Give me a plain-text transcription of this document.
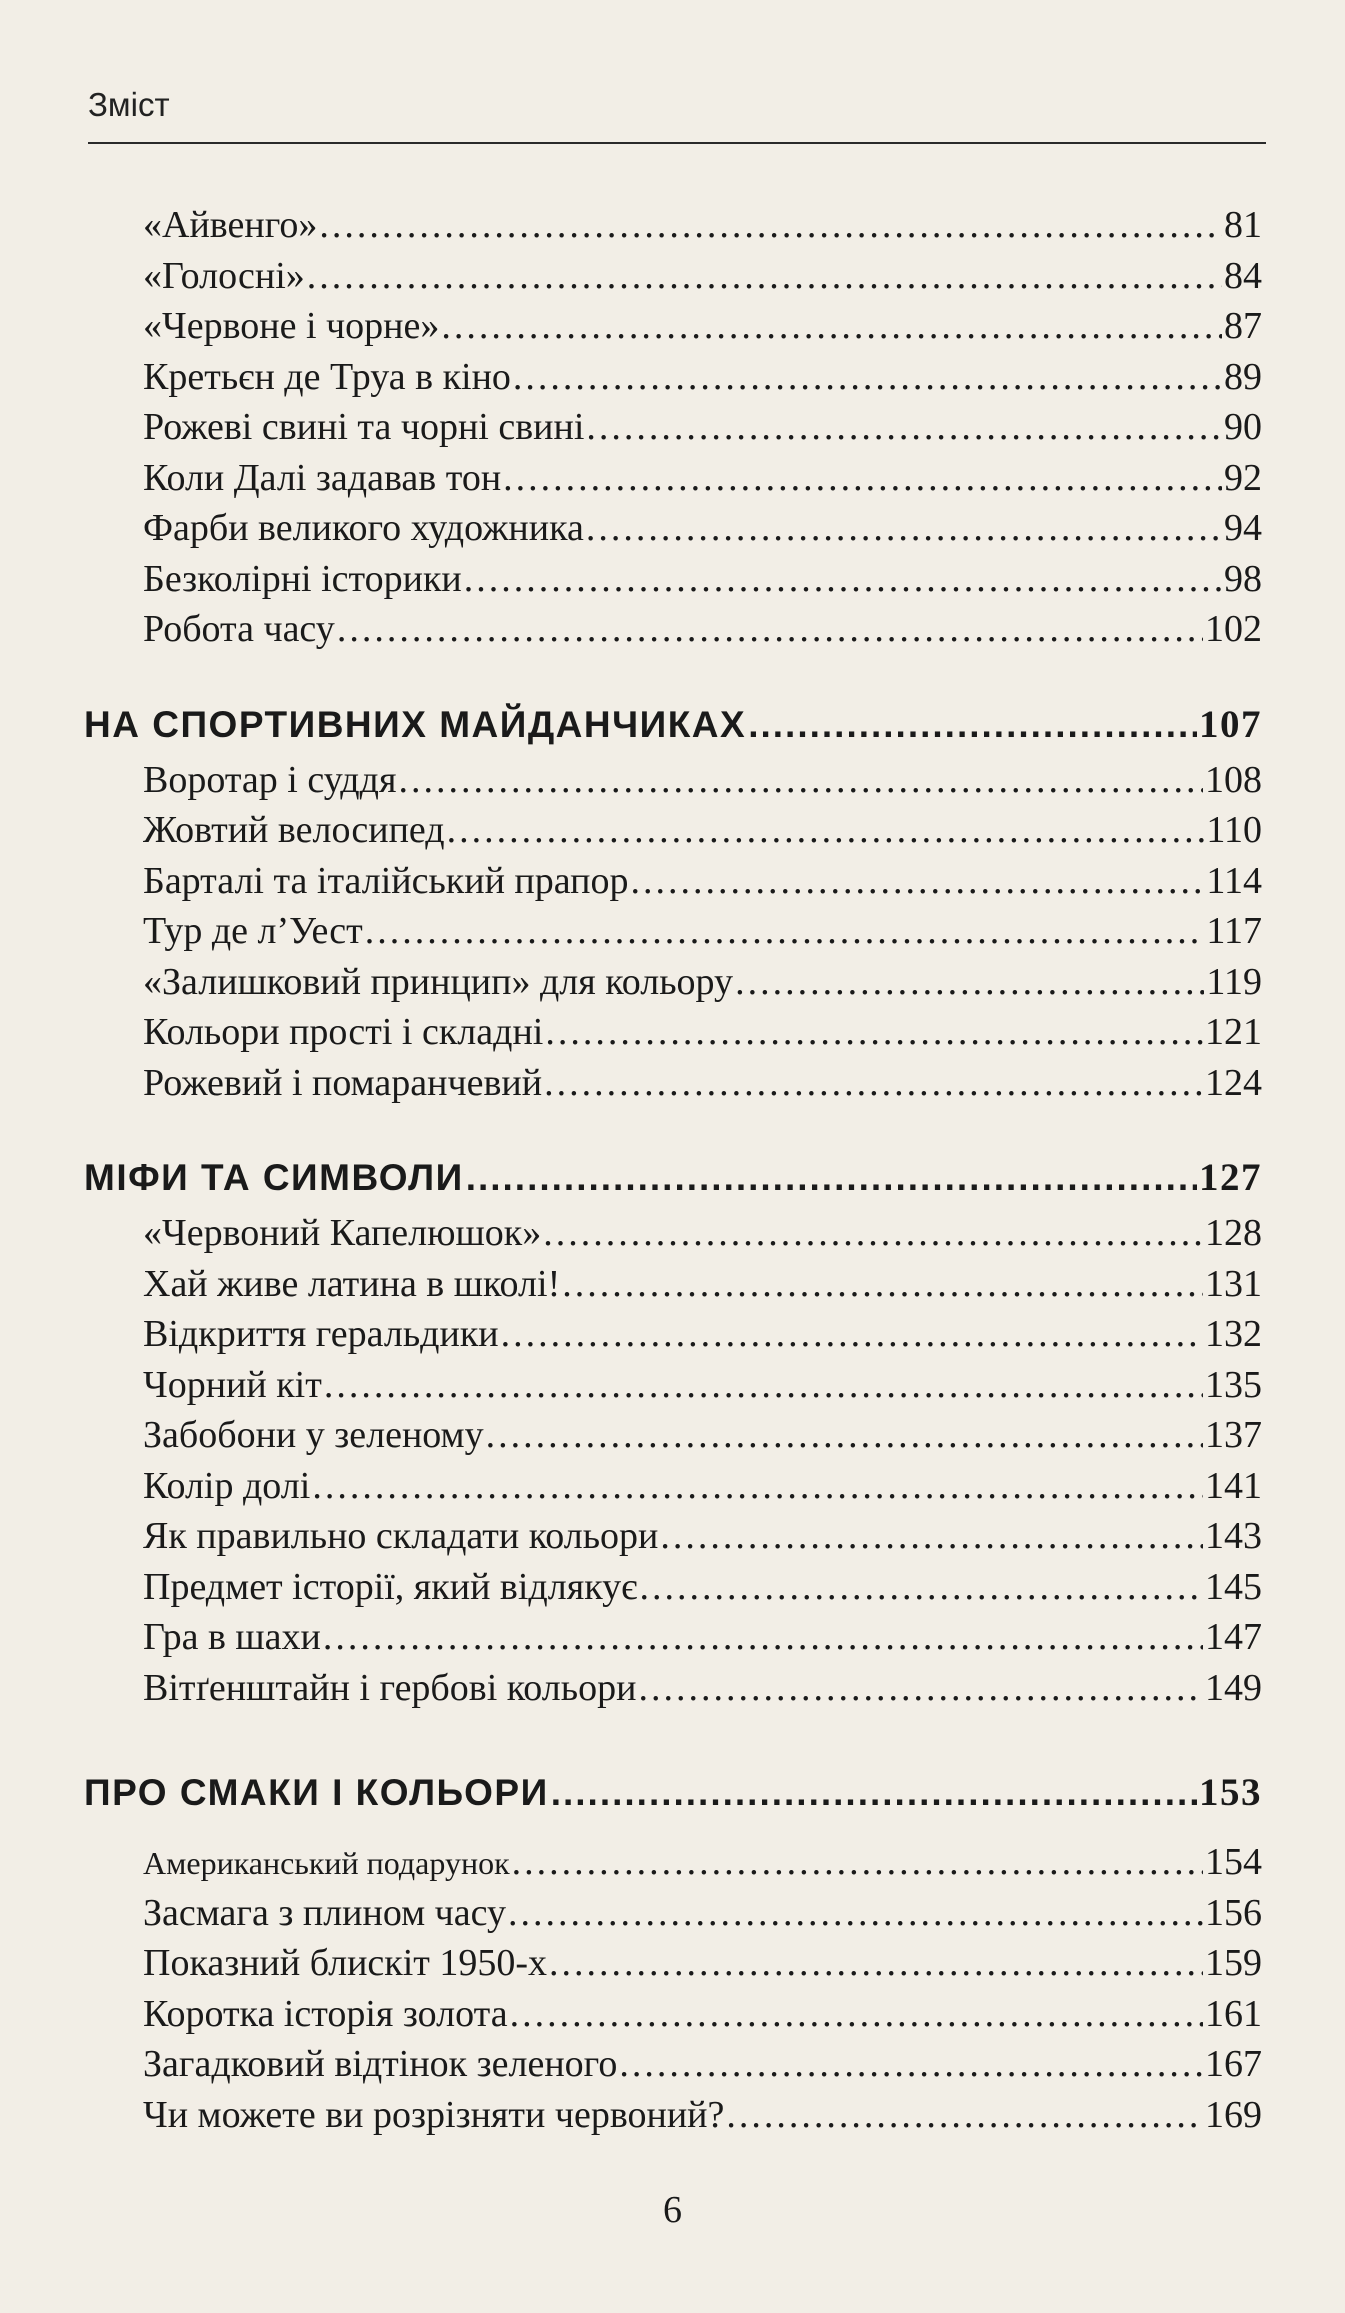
Зміст
«Айвенго» .....	81
«Голосні» .....	84
«Червоне і чорне» .....	87
Кретьєн де Труа в кіно .....	89
Рожеві свині та чорні свині .....	90
Коли Далі задавав тон .....	92
Фарби великого художника .....	94
Безколірні історики .....	98
Робота часу .....	102
НА СПОРТИВНИХ МАЙДАНЧИКАХ .....	107
Воротар і суддя .....	108
Жовтий велосипед .....	110
Барталі та італійський прапор .....	114
Тур де л’Уест .....	117
«Залишковий принцип» для кольору .....	119
Кольори прості і складні .....	121
Рожевий і помаранчевий .....	124
МІФИ ТА СИМВОЛИ .....	127
«Червоний Капелюшок» .....	128
Хай живе латина в школі! .....	131
Відкриття геральдики .....	132
Чорний кіт .....	135
Забобони у зеленому .....	137
Колір долі .....	141
Як правильно складати кольори .....	143
Предмет історії, який відлякує .....	145
Гра в шахи .....	147
Вітґенштайн і гербові кольори .....	149
ПРО СМАКИ І КОЛЬОРИ .....	153
Американський подарунок .....	154
Засмага з плином часу .....	156
Показний блискіт 1950-х .....	159
Коротка історія золота .....	161
Загадковий відтінок зеленого .....	167
Чи можете ви розрізняти червоний? .....	169
6
